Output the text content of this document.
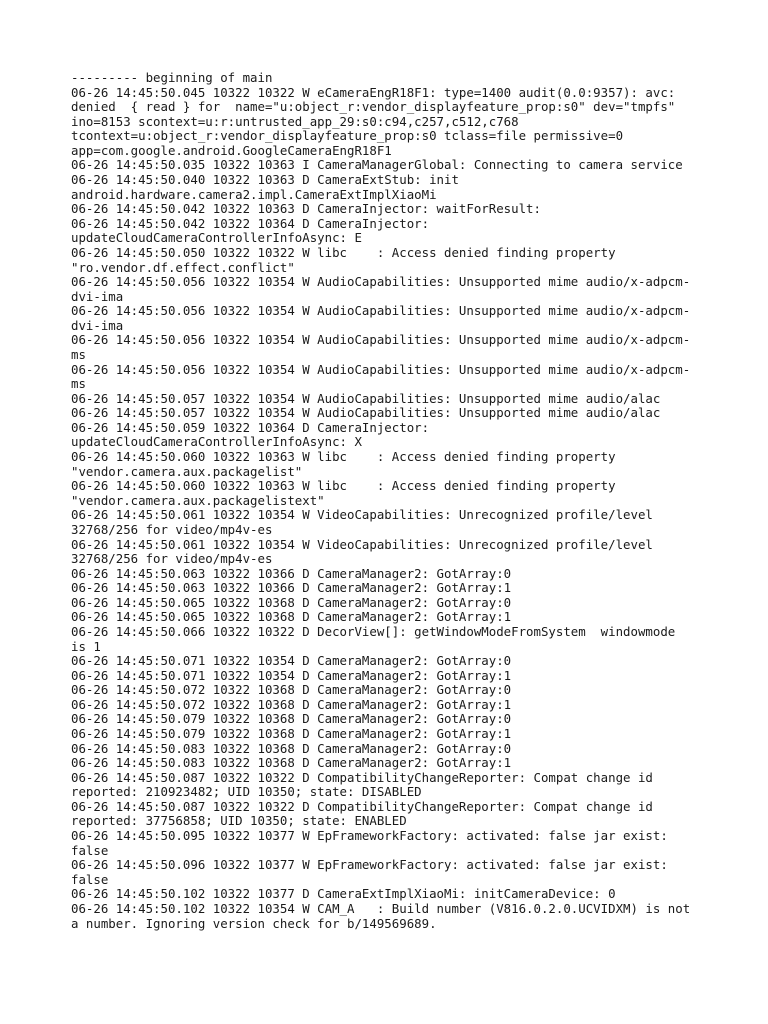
--------- beginning of main
06-26 14:45:50.045 10322 10322 W eCameraEngR18F1: type=1400 audit(0.0:9357): avc:
denied  { read } for  name="u:object_r:vendor_displayfeature_prop:s0" dev="tmpfs"
ino=8153 scontext=u:r:untrusted_app_29:s0:c94,c257,c512,c768
tcontext=u:object_r:vendor_displayfeature_prop:s0 tclass=file permissive=0
app=com.google.android.GoogleCameraEngR18F1
06-26 14:45:50.035 10322 10363 I CameraManagerGlobal: Connecting to camera service
06-26 14:45:50.040 10322 10363 D CameraExtStub: init
android.hardware.camera2.impl.CameraExtImplXiaoMi
06-26 14:45:50.042 10322 10363 D CameraInjector: waitForResult:
06-26 14:45:50.042 10322 10364 D CameraInjector:
updateCloudCameraControllerInfoAsync: E
06-26 14:45:50.050 10322 10322 W libc    : Access denied finding property
"ro.vendor.df.effect.conflict"
06-26 14:45:50.056 10322 10354 W AudioCapabilities: Unsupported mime audio/x-adpcm-
dvi-ima
06-26 14:45:50.056 10322 10354 W AudioCapabilities: Unsupported mime audio/x-adpcm-
dvi-ima
06-26 14:45:50.056 10322 10354 W AudioCapabilities: Unsupported mime audio/x-adpcm-
ms
06-26 14:45:50.056 10322 10354 W AudioCapabilities: Unsupported mime audio/x-adpcm-
ms
06-26 14:45:50.057 10322 10354 W AudioCapabilities: Unsupported mime audio/alac
06-26 14:45:50.057 10322 10354 W AudioCapabilities: Unsupported mime audio/alac
06-26 14:45:50.059 10322 10364 D CameraInjector:
updateCloudCameraControllerInfoAsync: X
06-26 14:45:50.060 10322 10363 W libc    : Access denied finding property
"vendor.camera.aux.packagelist"
06-26 14:45:50.060 10322 10363 W libc    : Access denied finding property
"vendor.camera.aux.packagelistext"
06-26 14:45:50.061 10322 10354 W VideoCapabilities: Unrecognized profile/level
32768/256 for video/mp4v-es
06-26 14:45:50.061 10322 10354 W VideoCapabilities: Unrecognized profile/level
32768/256 for video/mp4v-es
06-26 14:45:50.063 10322 10366 D CameraManager2: GotArray:0
06-26 14:45:50.063 10322 10366 D CameraManager2: GotArray:1
06-26 14:45:50.065 10322 10368 D CameraManager2: GotArray:0
06-26 14:45:50.065 10322 10368 D CameraManager2: GotArray:1
06-26 14:45:50.066 10322 10322 D DecorView[]: getWindowModeFromSystem  windowmode
is 1
06-26 14:45:50.071 10322 10354 D CameraManager2: GotArray:0
06-26 14:45:50.071 10322 10354 D CameraManager2: GotArray:1
06-26 14:45:50.072 10322 10368 D CameraManager2: GotArray:0
06-26 14:45:50.072 10322 10368 D CameraManager2: GotArray:1
06-26 14:45:50.079 10322 10368 D CameraManager2: GotArray:0
06-26 14:45:50.079 10322 10368 D CameraManager2: GotArray:1
06-26 14:45:50.083 10322 10368 D CameraManager2: GotArray:0
06-26 14:45:50.083 10322 10368 D CameraManager2: GotArray:1
06-26 14:45:50.087 10322 10322 D CompatibilityChangeReporter: Compat change id
reported: 210923482; UID 10350; state: DISABLED
06-26 14:45:50.087 10322 10322 D CompatibilityChangeReporter: Compat change id
reported: 37756858; UID 10350; state: ENABLED
06-26 14:45:50.095 10322 10377 W EpFrameworkFactory: activated: false jar exist:
false
06-26 14:45:50.096 10322 10377 W EpFrameworkFactory: activated: false jar exist:
false
06-26 14:45:50.102 10322 10377 D CameraExtImplXiaoMi: initCameraDevice: 0
06-26 14:45:50.102 10322 10354 W CAM_A   : Build number (V816.0.2.0.UCVIDXM) is not
a number. Ignoring version check for b/149569689.
